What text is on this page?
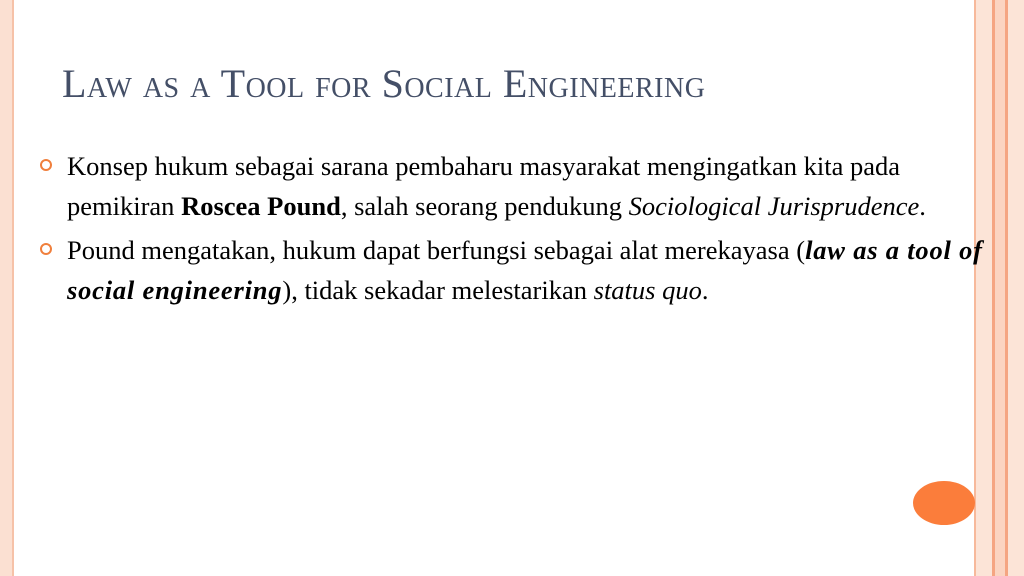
Law as a Tool for Social Engineering
Konsep hukum sebagai sarana pembaharu masyarakat mengingatkan kita pada pemikiran Roscea Pound, salah seorang pendukung Sociological Jurisprudence.
Pound mengatakan, hukum dapat berfungsi sebagai alat merekayasa (law as a tool of social engineering), tidak sekadar melestarikan status quo.
